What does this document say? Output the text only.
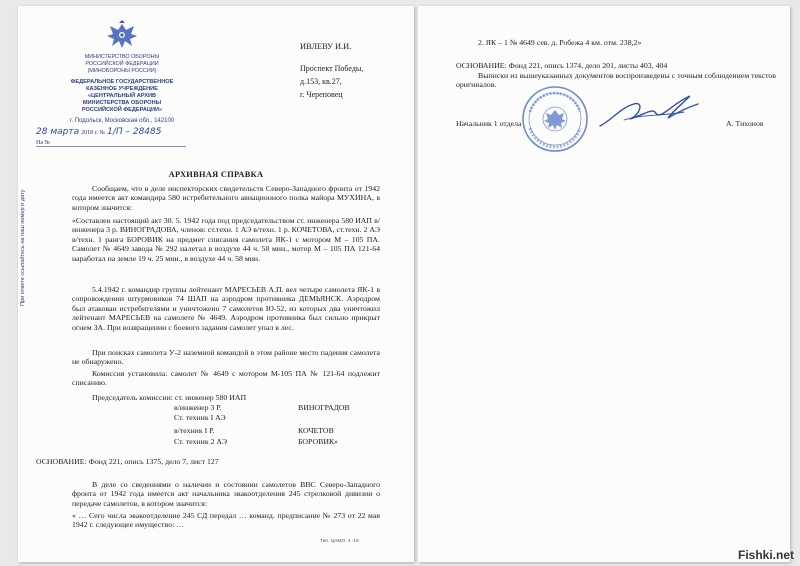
МИНИСТЕРСТВО ОБОРОНЫ
РОССИЙСКОЙ ФЕДЕРАЦИИ
(МИНОБОРОНЫ РОССИИ)
ФЕДЕРАЛЬНОЕ ГОСУДАРСТВЕННОЕ
КАЗЕННОЕ УЧРЕЖДЕНИЕ
«ЦЕНТРАЛЬНЫЙ АРХИВ
МИНИСТЕРСТВА ОБОРОНЫ
РОССИЙСКОЙ ФЕДЕРАЦИИ»
г. Подольск, Московская обл., 142100
28 марта 2018 г. № 1/П – 28485
На №
ИВЛЕВУ И.И.
Проспект Победы,
д.153, кв.27,
г. Череповец
АРХИВНАЯ СПРАВКА
Сообщаем, что в деле инспекторских свидетельств Северо-Западного фронта от 1942 года имеется акт командира 580 истребительного авиационного полка майора МУХИНА, в котором значится:
«Составлен настоящий акт 30. 5. 1942 года под председательством ст. инженера 580 ИАП в/инженера 3 р. ВИНОГРАДОВА, членов: ст.техн. 1 АЭ в/техн. 1 р. КОЧЕТОВА, ст.техн. 2 АЭ в/техн. 1 ранга БОРОВИК на предмет списания самолета ЯК-1 с мотором М – 105 ПА. Самолет № 4649 завода № 292 налетал в воздухе 44 ч. 58 мин., мотор М – 105 ПА 121-64 наработал на земле 19 ч. 25 мин., в воздухе 44 ч. 58 мин.
5.4.1942 г. командир группы лейтенант МАРЕСЬЕВ А.П. вел четыре самолета ЯК-1 в сопровождении штурмовиков 74 ШАП на аэродром противника ДЕМЬЯНСК. Аэродром был атакован истребителями и уничтожено 7 самолетов Ю-52, из которых два уничтожил лейтенант МАРЕСЬЕВ на самолете № 4649. Аэродром противника был сильно прикрыт огнем ЗА. При возвращении с боевого задания самолет упал в лес.
При поисках самолета У-2 наземной командой в этом районе место падения самолета не обнаружено.
Комиссия установила: самолет № 4649 с мотором М-105 ПА № 121-64 подлежит списанию.
Председатель комиссии: ст. инженер 580 ИАП
в/инженер 3 Р.	ВИНОГРАДОВ
Ст. техник I АЭ
в/техник I Р.	КОЧЕТОВ
Ст. техник 2 АЭ	БОРОВИК»
ОСНОВАНИЕ: Фонд 221, опись 1375, дело 7, лист 127
В деле со сведениями о наличии и состоянии самолетов ВВС Северо-Западного фронта от 1942 года имеется акт начальника эвакоотделения 245 стрелковой дивизии о передаче самолетов, в котором значится:
« … Сего числа эвакоотделение 245 СД передал … команд. предписание № 273 от 22 мая 1942 г. следующее имущество: …
При ответе ссылайтесь на наш номер и дату
Тип. ЦАМО. 4 -16
2. ЯК – 1 № 4649 сев. д. Робежа 4 км. отм. 238,2»
ОСНОВАНИЕ: Фонд 221, опись 1374, дело 201, листы 403, 404
Выписки из вышеуказанных документов воспроизведены с точным соблюдением текстов оригиналов.
Начальник 1 отдела	А. Тихонов
Fishki.net
